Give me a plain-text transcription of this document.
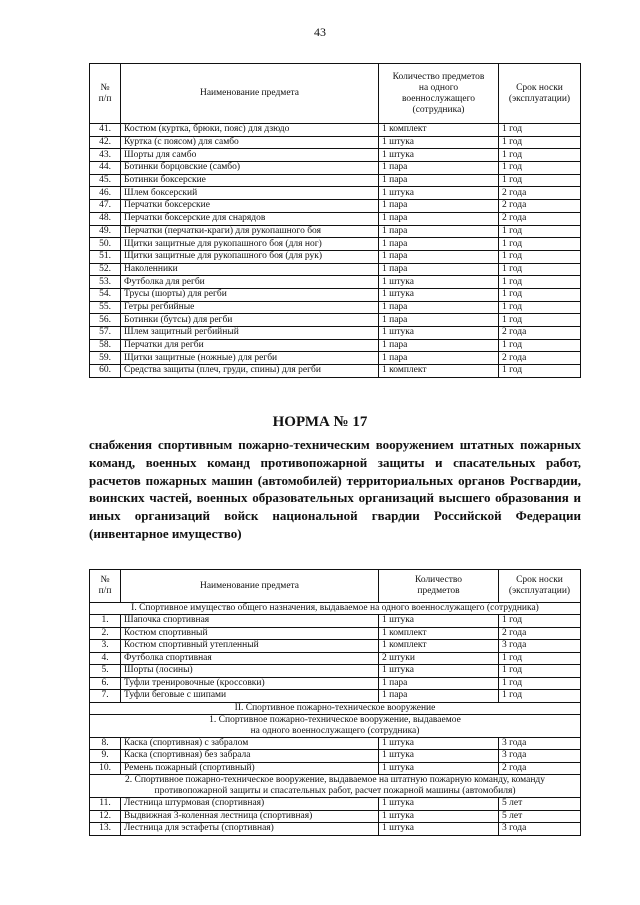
43
№
п/п	Наименование предмета	Количество предметов
на одного
военнослужащего
(сотрудника)	Срок носки
(эксплуатации)
41.	Костюм (куртка, брюки, пояс) для дзюдо	1 комплект	1 год
42.	Куртка (с поясом) для самбо	1 штука	1 год
43.	Шорты для самбо	1 штука	1 год
44.	Ботинки борцовские (самбо)	1 пара	1 год
45.	Ботинки боксерские	1 пара	1 год
46.	Шлем боксерский	1 штука	2 года
47.	Перчатки боксерские	1 пара	2 года
48.	Перчатки боксерские для снарядов	1 пара	2 года
49.	Перчатки (перчатки-краги) для рукопашного боя	1 пара	1 год
50.	Щитки защитные для рукопашного боя (для ног)	1 пара	1 год
51.	Щитки защитные для рукопашного боя (для рук)	1 пара	1 год
52.	Наколенники	1 пара	1 год
53.	Футболка для регби	1 штука	1 год
54.	Трусы (шорты) для регби	1 штука	1 год
55.	Гетры регбийные	1 пара	1 год
56.	Ботинки (бутсы) для регби	1 пара	1 год
57.	Шлем защитный регбийный	1 штука	2 года
58.	Перчатки для регби	1 пара	1 год
59.	Щитки защитные (ножные) для регби	1 пара	2 года
60.	Средства защиты (плеч, груди, спины) для регби	1 комплект	1 год
НОРМА № 17

снабжения спортивным пожарно-техническим вооружением штатных пожарных команд, военных команд противопожарной защиты и спасательных работ, расчетов пожарных машин (автомобилей) территориальных органов Росгвардии, воинских частей, военных образовательных организаций высшего образования и иных организаций войск национальной гвардии Российской Федерации (инвентарное имущество)

№
п/п	Наименование предмета	Количество
предметов	Срок носки
(эксплуатации)
I. Спортивное имущество общего назначения, выдаваемое на одного военнослужащего (сотрудника)			
1.	Шапочка спортивная	1 штука	1 год
2.	Костюм спортивный	1 комплект	2 года
3.	Костюм спортивный утепленный	1 комплект	3 года
4.	Футболка спортивная	2 штуки	1 год
5.	Шорты (лосины)	1 штука	1 год
6.	Туфли тренировочные (кроссовки)	1 пара	1 год
7.	Туфли беговые с шипами	1 пара	1 год
II. Спортивное пожарно-техническое вооружение			
1. Спортивное пожарно-техническое вооружение, выдаваемое
на одного военнослужащего (сотрудника)			
8.	Каска (спортивная) с забралом	1 штука	3 года
9.	Каска (спортивная) без забрала	1 штука	3 года
10.	Ремень пожарный (спортивный)	1 штука	2 года
2. Спортивное пожарно-техническое вооружение, выдаваемое на штатную пожарную команду, команду
противопожарной защиты и спасательных работ, расчет пожарной машины (автомобиля)			
11.	Лестница штурмовая (спортивная)	1 штука	5 лет
12.	Выдвижная 3-коленная лестница (спортивная)	1 штука	5 лет
13.	Лестница для эстафеты (спортивная)	1 штука	3 года
